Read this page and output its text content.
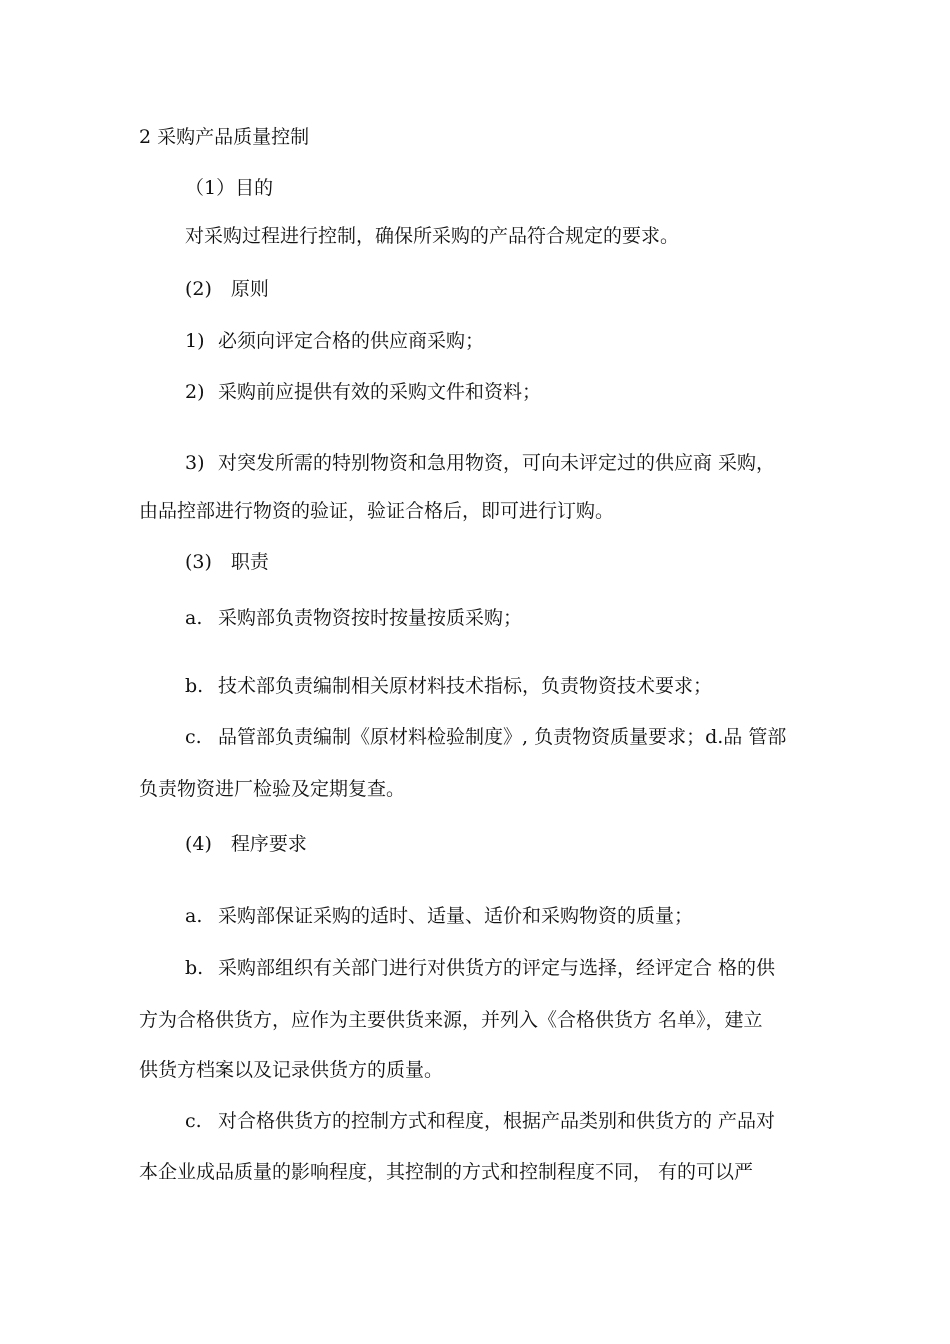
2 采购产品质量控制
（1）目的
对采购过程进行控制，确保所采购的产品符合规定的要求。
(2)　原则
1) 必须向评定合格的供应商采购；
2) 采购前应提供有效的采购文件和资料；
3) 对突发所需的特别物资和急用物资，可向未评定过的供应商 采购，
由品控部进行物资的验证，验证合格后，即可进行订购。
(3)　职责
a. 采购部负责物资按时按量按质采购；
b. 技术部负责编制相关原材料技术指标，负责物资技术要求；
c. 品管部负责编制《原材料检验制度》, 负责物资质量要求；d.品 管部
负责物资进厂检验及定期复查。
(4)　程序要求
a. 采购部保证采购的适时、适量、适价和采购物资的质量；
b. 采购部组织有关部门进行对供货方的评定与选择，经评定合 格的供
方为合格供货方，应作为主要供货来源，并列入《合格供货方 名单》，建立
供货方档案以及记录供货方的质量。
c. 对合格供货方的控制方式和程度，根据产品类别和供货方的 产品对
本企业成品质量的影响程度，其控制的方式和控制程度不同， 有的可以严
